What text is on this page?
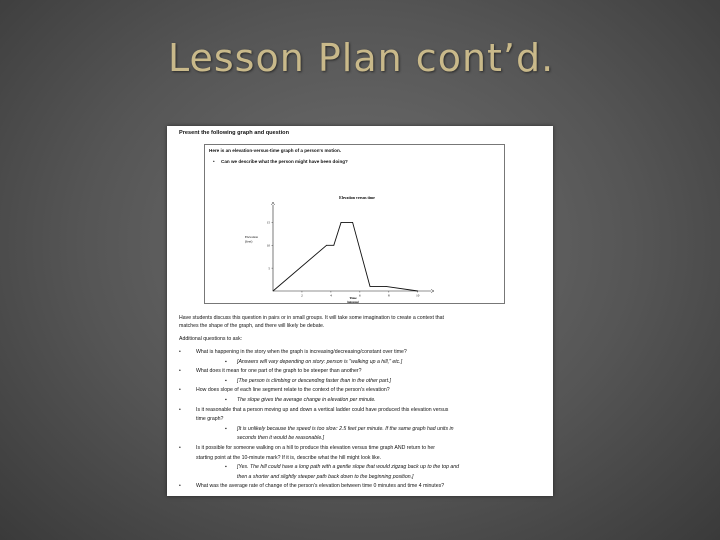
Lesson Plan cont’d.
Present the following graph and question
Here is an elevation-versus-time graph of a person's motion.
• Can we describe what the person might have been doing?
Elevation versus time
Elevation
(feet)
Time
(minutes)
2	4	6	8	10
5
10
15
Have students discuss this question in pairs or in small groups. It will take some imagination to create a context that
matches the shape of the graph, and there will likely be debate.
Additional questions to ask:
•	What is happening in the story when the graph is increasing/decreasing/constant over time?
▪ [Answers will vary depending on story: person is "walking up a hill," etc.]
•	What does it mean for one part of the graph to be steeper than another?
▪ [The person is climbing or descending faster than in the other part.]
•	How does slope of each line segment relate to the context of the person's elevation?
▪ The slope gives the average change in elevation per minute.
•	Is it reasonable that a person moving up and down a vertical ladder could have produced this elevation versus
time graph?
▪ [It is unlikely because the speed is too slow: 2.5 feet per minute. If the same graph had units in
seconds then it would be reasonable.]
•	Is it possible for someone walking on a hill to produce this elevation versus time graph AND return to her
starting point at the 10-minute mark? If it is, describe what the hill might look like.
▪ [Yes. The hill could have a long path with a gentle slope that would zigzag back up to the top and
then a shorter and slightly steeper path back down to the beginning position.]
•	What was the average rate of change of the person's elevation between time 0 minutes and time 4 minutes?
